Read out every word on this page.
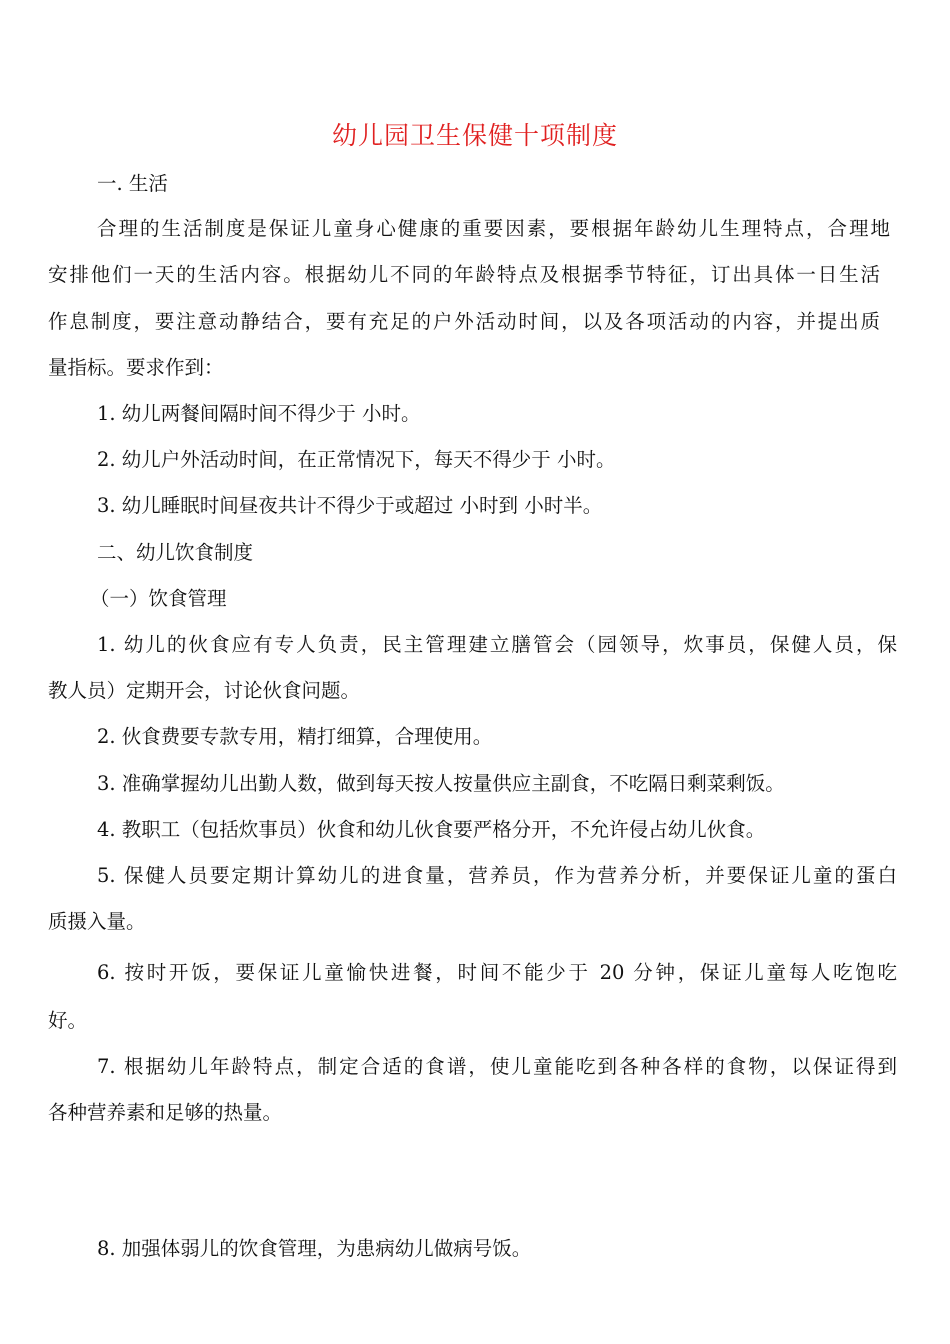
幼儿园卫生保健十项制度
一. 生活
合理的生活制度是保证儿童身心健康的重要因素，要根据年龄幼儿生理特点，合理地
安排他们一天的生活内容。根据幼儿不同的年龄特点及根据季节特征，订出具体一日生活
作息制度，要注意动静结合，要有充足的户外活动时间，以及各项活动的内容，并提出质
量指标。要求作到：
1. 幼儿两餐间隔时间不得少于 小时。
2. 幼儿户外活动时间，在正常情况下，每天不得少于 小时。
3. 幼儿睡眠时间昼夜共计不得少于或超过 小时到 小时半。
二、幼儿饮食制度
（一）饮食管理
1. 幼儿的伙食应有专人负责，民主管理建立膳管会（园领导，炊事员，保健人员，保
教人员）定期开会，讨论伙食问题。
2. 伙食费要专款专用，精打细算，合理使用。
3. 准确掌握幼儿出勤人数，做到每天按人按量供应主副食，不吃隔日剩菜剩饭。
4. 教职工（包括炊事员）伙食和幼儿伙食要严格分开，不允许侵占幼儿伙食。
5. 保健人员要定期计算幼儿的进食量，营养员，作为营养分析，并要保证儿童的蛋白
质摄入量。
6. 按时开饭，要保证儿童愉快进餐，时间不能少于 20 分钟，保证儿童每人吃饱吃
好。
7. 根据幼儿年龄特点，制定合适的食谱，使儿童能吃到各种各样的食物，以保证得到
各种营养素和足够的热量。
8. 加强体弱儿的饮食管理，为患病幼儿做病号饭。
